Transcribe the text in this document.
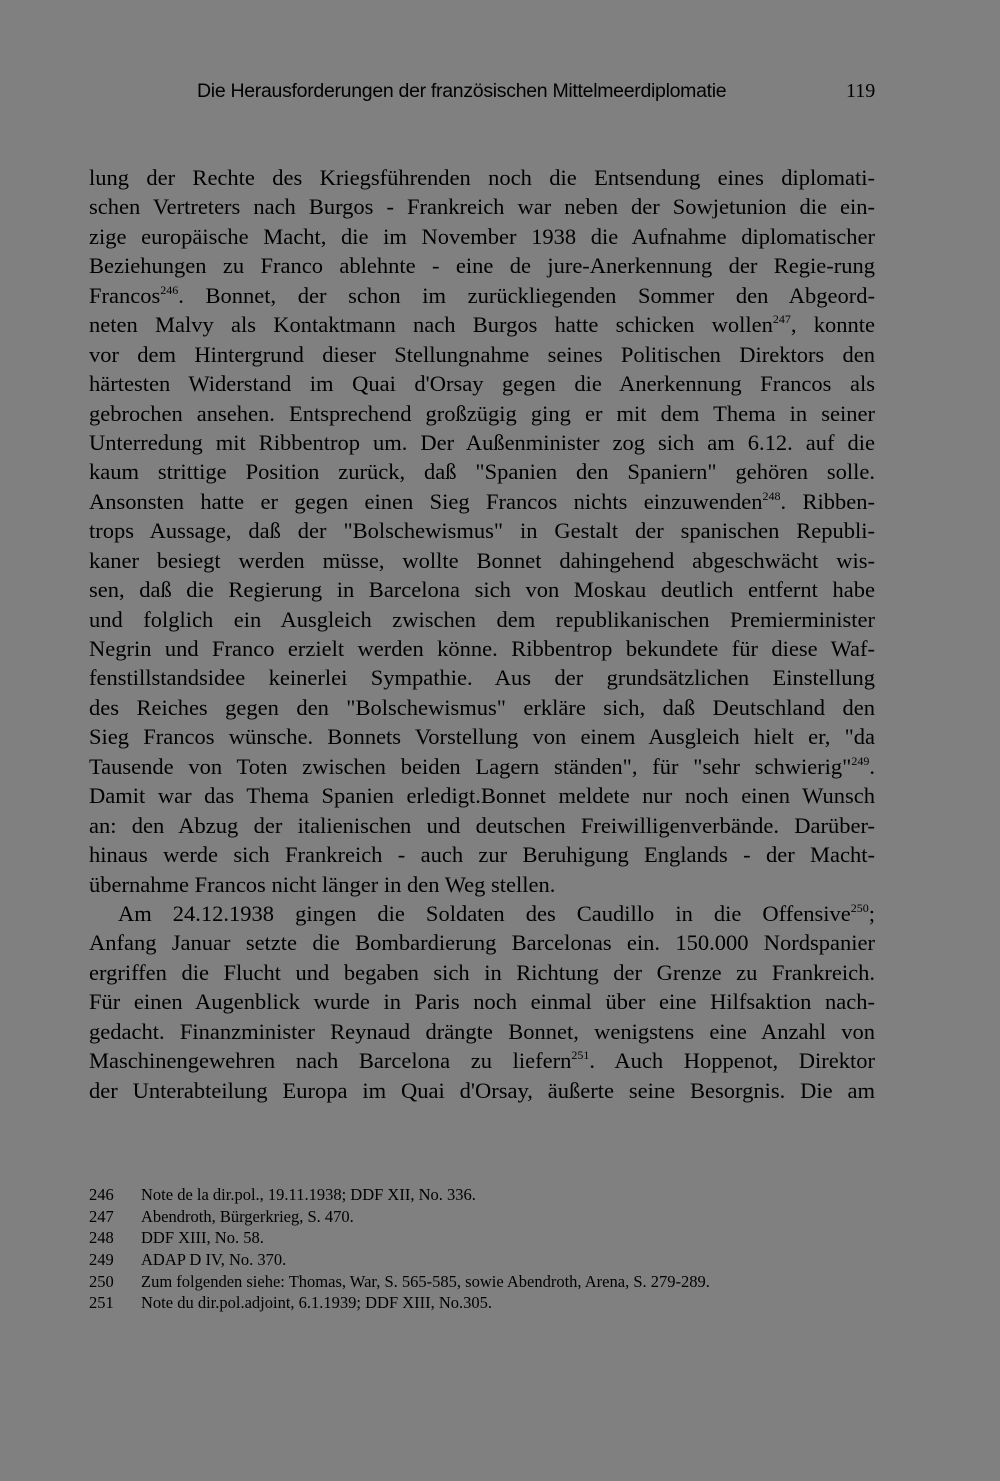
Die Herausforderungen der französischen Mittelmeerdiplomatie	119
lung der Rechte des Kriegsführenden noch die Entsendung eines diplomati-
schen Vertreters nach Burgos - Frankreich war neben der Sowjetunion die ein-
zige europäische Macht, die im November 1938 die Aufnahme diplomatischer
Beziehungen zu Franco ablehnte - eine de jure-Anerkennung der Regie-rung
Francos$^{246}$. Bonnet, der schon im zurückliegenden Sommer den Abgeord-
neten Malvy als Kontaktmann nach Burgos hatte schicken wollen$^{247}$, konnte
vor dem Hintergrund dieser Stellungnahme seines Politischen Direktors den
härtesten Widerstand im Quai d'Orsay gegen die Anerkennung Francos als
gebrochen ansehen. Entsprechend großzügig ging er mit dem Thema in seiner
Unterredung mit Ribbentrop um. Der Außenminister zog sich am 6.12. auf die
kaum strittige Position zurück, daß "Spanien den Spaniern" gehören solle.
Ansonsten hatte er gegen einen Sieg Francos nichts einzuwenden$^{248}$. Ribben-
trops Aussage, daß der "Bolschewismus" in Gestalt der spanischen Republi-
kaner besiegt werden müsse, wollte Bonnet dahingehend abgeschwächt wis-
sen, daß die Regierung in Barcelona sich von Moskau deutlich entfernt habe
und folglich ein Ausgleich zwischen dem republikanischen Premierminister
Negrin und Franco erzielt werden könne. Ribbentrop bekundete für diese Waf-
fenstillstandsidee keinerlei Sympathie. Aus der grundsätzlichen Einstellung
des Reiches gegen den "Bolschewismus" erkläre sich, daß Deutschland den
Sieg Francos wünsche. Bonnets Vorstellung von einem Ausgleich hielt er, "da
Tausende von Toten zwischen beiden Lagern ständen", für "sehr schwierig"$^{249}$.
Damit war das Thema Spanien erledigt.Bonnet meldete nur noch einen Wunsch
an: den Abzug der italienischen und deutschen Freiwilligenverbände. Darüber-
hinaus werde sich Frankreich - auch zur Beruhigung Englands - der Macht-
übernahme Francos nicht länger in den Weg stellen.
Am 24.12.1938 gingen die Soldaten des Caudillo in die Offensive$^{250}$;
Anfang Januar setzte die Bombardierung Barcelonas ein. 150.000 Nordspanier
ergriffen die Flucht und begaben sich in Richtung der Grenze zu Frankreich.
Für einen Augenblick wurde in Paris noch einmal über eine Hilfsaktion nach-
gedacht. Finanzminister Reynaud drängte Bonnet, wenigstens eine Anzahl von
Maschinengewehren nach Barcelona zu liefern$^{251}$. Auch Hoppenot, Direktor
der Unterabteilung Europa im Quai d'Orsay, äußerte seine Besorgnis. Die am
246	Note de la dir.pol., 19.11.1938; DDF XII, No. 336.
247	Abendroth, Bürgerkrieg, S. 470.
248	DDF XIII, No. 58.
249	ADAP D IV, No. 370.
250	Zum folgenden siehe: Thomas, War, S. 565-585, sowie Abendroth, Arena, S. 279-289.
251	Note du dir.pol.adjoint, 6.1.1939; DDF XIII, No.305.
